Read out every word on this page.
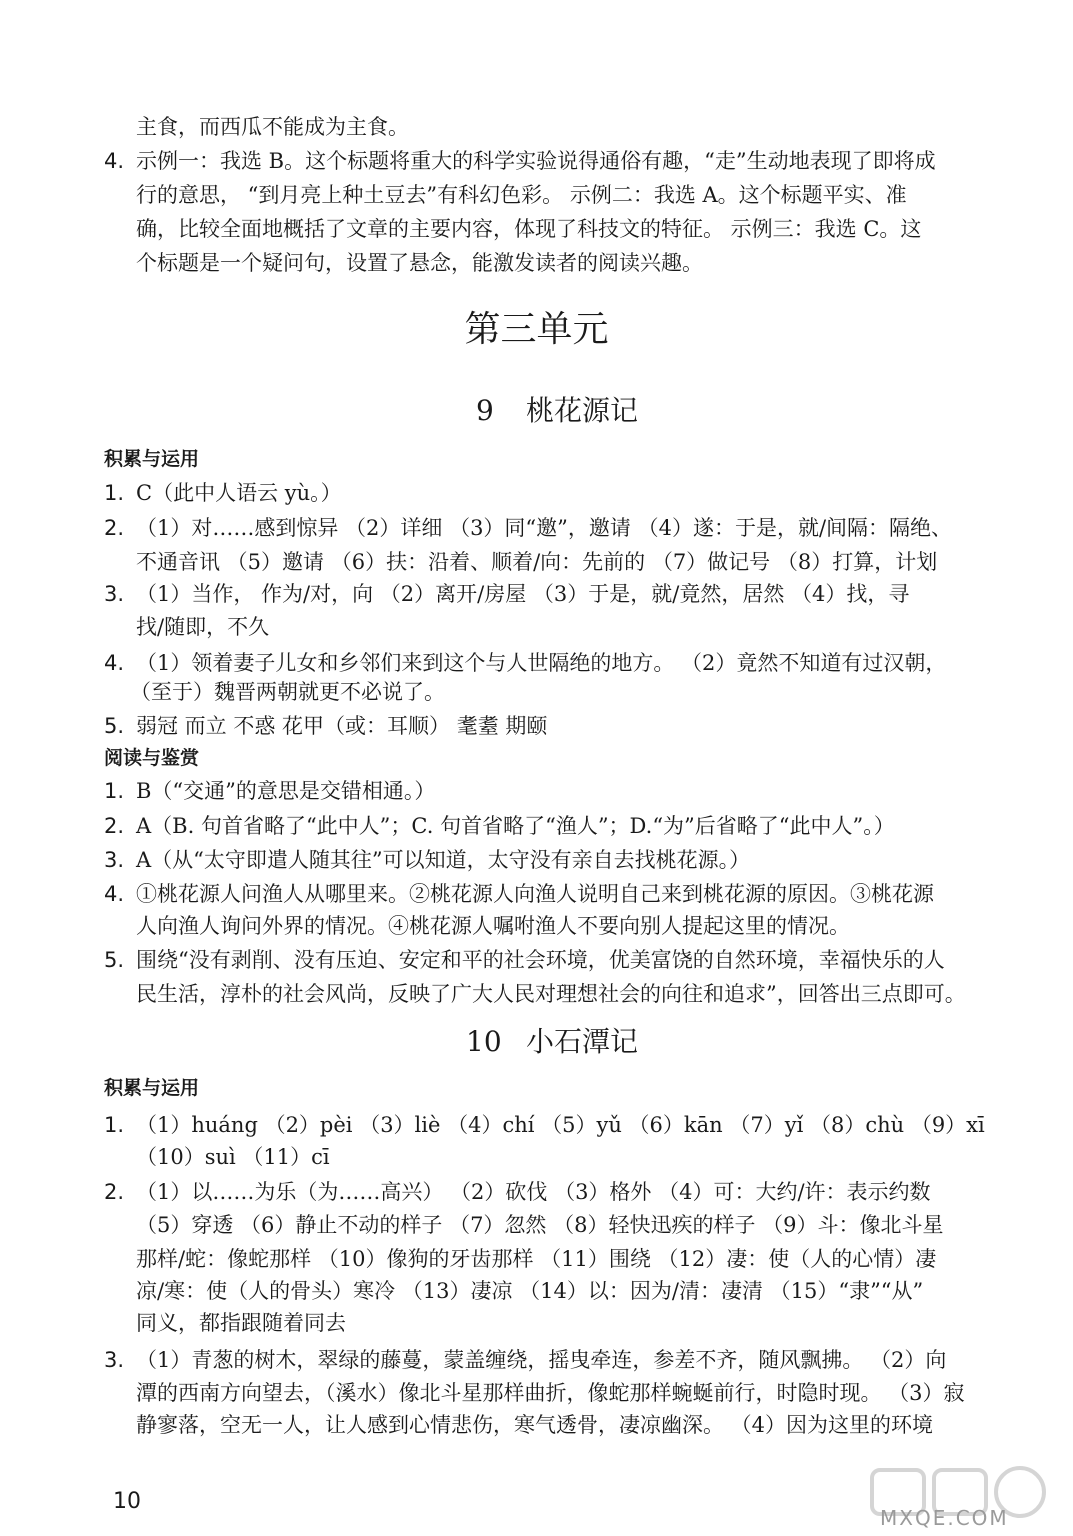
主食，而西瓜不能成为主食。
4. 示例一：我选 B。这个标题将重大的科学实验说得通俗有趣，“走”生动地表现了即将成
行的意思， “到月亮上种土豆去”有科幻色彩。 示例二：我选 A。这个标题平实、准
确，比较全面地概括了文章的主要内容，体现了科技文的特征。 示例三：我选 C。这
个标题是一个疑问句，设置了悬念，能激发读者的阅读兴趣。
第三单元
9 桃花源记
积累与运用
1. C（此中人语云 yù。）
2. （1）对……感到惊异 （2）详细 （3）同“邀”，邀请 （4）遂：于是，就/间隔：隔绝、
不通音讯 （5）邀请 （6）扶：沿着、顺着/向：先前的 （7）做记号 （8）打算，计划
3. （1）当作， 作为/对，向 （2）离开/房屋 （3）于是，就/竟然，居然 （4）找，寻
找/随即，不久
4. （1）领着妻子儿女和乡邻们来到这个与人世隔绝的地方。 （2）竟然不知道有过汉朝，
（至于）魏晋两朝就更不必说了。
5. 弱冠 而立 不惑 花甲（或：耳顺） 耄耋 期颐
阅读与鉴赏
1. B（“交通”的意思是交错相通。）
2. A（B. 句首省略了“此中人”；C. 句首省略了“渔人”；D.“为”后省略了“此中人”。）
3. A（从“太守即遣人随其往”可以知道，太守没有亲自去找桃花源。）
4. ①桃花源人问渔人从哪里来。②桃花源人向渔人说明自己来到桃花源的原因。③桃花源
人向渔人询问外界的情况。④桃花源人嘱咐渔人不要向别人提起这里的情况。
5. 围绕“没有剥削、没有压迫、安定和平的社会环境，优美富饶的自然环境，幸福快乐的人
民生活，淳朴的社会风尚，反映了广大人民对理想社会的向往和追求”，回答出三点即可。
10 小石潭记
积累与运用
1. （1）huáng （2）pèi （3）liè （4）chí （5）yǔ （6）kān （7）yǐ （8）chù （9）xī
（10）suì （11）cī
2. （1）以……为乐（为……高兴） （2）砍伐 （3）格外 （4）可：大约/许：表示约数
（5）穿透 （6）静止不动的样子 （7）忽然 （8）轻快迅疾的样子 （9）斗：像北斗星
那样/蛇：像蛇那样 （10）像狗的牙齿那样 （11）围绕 （12）凄：使（人的心情）凄
凉/寒：使（人的骨头）寒冷 （13）凄凉 （14）以：因为/清：凄清 （15）“隶”“从”
同义，都指跟随着同去
3. （1）青葱的树木，翠绿的藤蔓，蒙盖缠绕，摇曳牵连，参差不齐，随风飘拂。 （2）向
潭的西南方向望去，（溪水）像北斗星那样曲折，像蛇那样蜿蜒前行，时隐时现。 （3）寂
静寥落，空无一人，让人感到心情悲伤，寒气透骨，凄凉幽深。 （4）因为这里的环境
10
MXQE.COM
